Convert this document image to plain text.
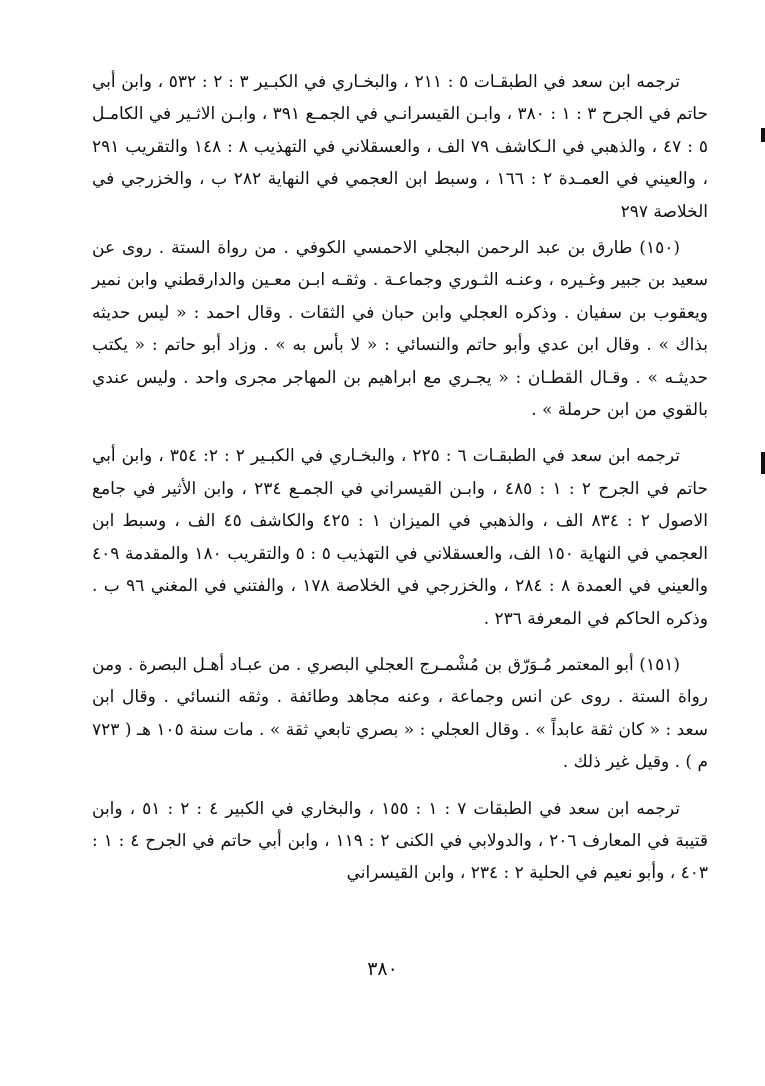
ترجمه ابن سعد في الطبقـات ٥ : ٢١١ ، والبخـاري في الكبـير ٣ : ٢ : ٥٣٢ ، وابن أبي حاتم في الجرح ٣ : ١ : ٣٨٠ ، وابـن القيسرانـي في الجمـع ٣٩١ ، وابـن الاثـير في الكامـل ٥ : ٤٧ ، والذهبي في الـكاشف ٧٩ الف ، والعسقلاني في التهذيب ٨ : ١٤٨ والتقريب ٢٩١ ، والعيني في العمـدة ٢ : ١٦٦ ، وسبط ابن العجمي في النهاية ٢٨٢ ب ، والخزرجي في الخلاصة ٢٩٧

(١٥٠) طارق بن عبد الرحمن البجلي الاحمسي الكوفي . من رواة الستة . روى عن سعيد بن جبير وغـيره ، وعنـه الثـوري وجماعـة . وثقـه ابـن معـين والدارقطني وابن نمير ويعقوب بن سفيان . وذكره العجلي وابن حبان في الثقات . وقال احمد : « ليس حديثه بذاك » . وقال ابن عدي وأبو حاتم والنسائي : « لا بأس به » . وزاد أبو حاتم : « يكتب حديثـه » . وقـال القطـان : « يجـري مع ابراهيم بن المهاجر مجرى واحد . وليس عندي بالقوي من ابن حرملة » .

ترجمه ابن سعد في الطبقـات ٦ : ٢٢٥ ، والبخـاري في الكبـير ٢ : ٢: ٣٥٤ ، وابن أبي حاتم في الجرح ٢ : ١ : ٤٨٥ ، وابـن القيسراني في الجمـع ٢٣٤ ، وابن الأثير في جامع الاصول ٢ : ٨٣٤ الف ، والذهبي في الميزان ١ : ٤٢٥ والكاشف ٤٥ الف ، وسبط ابن العجمي في النهاية ١٥٠ الف، والعسقلاني في التهذيب ٥ : ٥ والتقريب ١٨٠ والمقدمة ٤٠٩ والعيني في العمدة ٨ : ٢٨٤ ، والخزرجي في الخلاصة ١٧٨ ، والفتني في المغني ٩٦ ب . وذكره الحاكم في المعرفة ٢٣٦ .

(١٥١) أبو المعتمر مُـوَرّق بن مُشْمـرج العجلي البصري . من عبـاد أهـل البصرة . ومن رواة الستة . روى عن انس وجماعة ، وعنه مجاهد وطائفة . وثقه النسائي . وقال ابن سعد : « كان ثقة عابداً » . وقال العجلي : « بصري تابعي ثقة » . مات سنة ١٠٥ هـ ( ٧٢٣ م ) . وقيل غير ذلك .

ترجمه ابن سعد في الطبقات ٧ : ١ : ١٥٥ ، والبخاري في الكبير ٤ : ٢ : ٥١ ، وابن قتيبة في المعارف ٢٠٦ ، والدولابي في الكنى ٢ : ١١٩ ، وابن أبي حاتم في الجرح ٤ : ١ : ٤٠٣ ، وأبو نعيم في الحلية ٢ : ٢٣٤ ، وابن القيسراني

٣٨٠
